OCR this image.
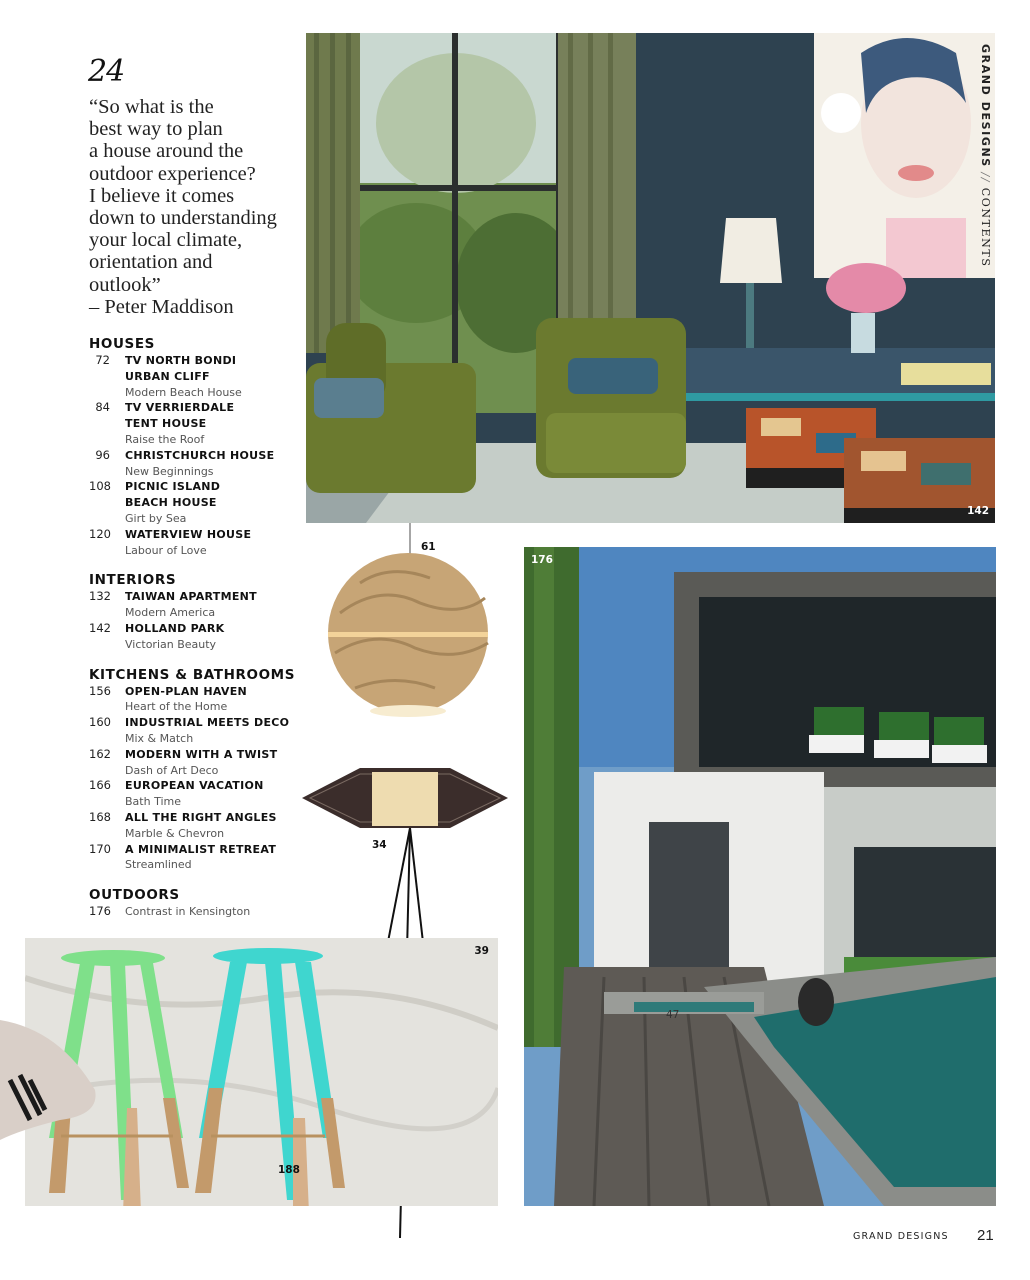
24
“So what is the
best way to plan
a house around the
outdoor experience?
I believe it comes
down to understanding
your local climate,
orientation and
outlook”
– Peter Maddison
HOUSES
72 TV NORTH BONDI
URBAN CLIFF
Modern Beach House
84 TV VERRIERDALE
TENT HOUSE
Raise the Roof
96 CHRISTCHURCH HOUSE
New Beginnings
108 PICNIC ISLAND
BEACH HOUSE
Girt by Sea
120 WATERVIEW HOUSE
Labour of Love
INTERIORS
132 TAIWAN APARTMENT
Modern America
142 HOLLAND PARK
Victorian Beauty
KITCHENS & BATHROOMS
156 OPEN-PLAN HAVEN
Heart of the Home
160 INDUSTRIAL MEETS DECO
Mix & Match
162 MODERN WITH A TWIST
Dash of Art Deco
166 EUROPEAN VACATION
Bath Time
168 ALL THE RIGHT ANGLES
Marble & Chevron
170 A MINIMALIST RETREAT
Streamlined
OUTDOORS
176 Contrast in Kensington
142
GRAND DESIGNS // CONTENTS
61
34
176
47
39
188
GRAND DESIGNS 21
